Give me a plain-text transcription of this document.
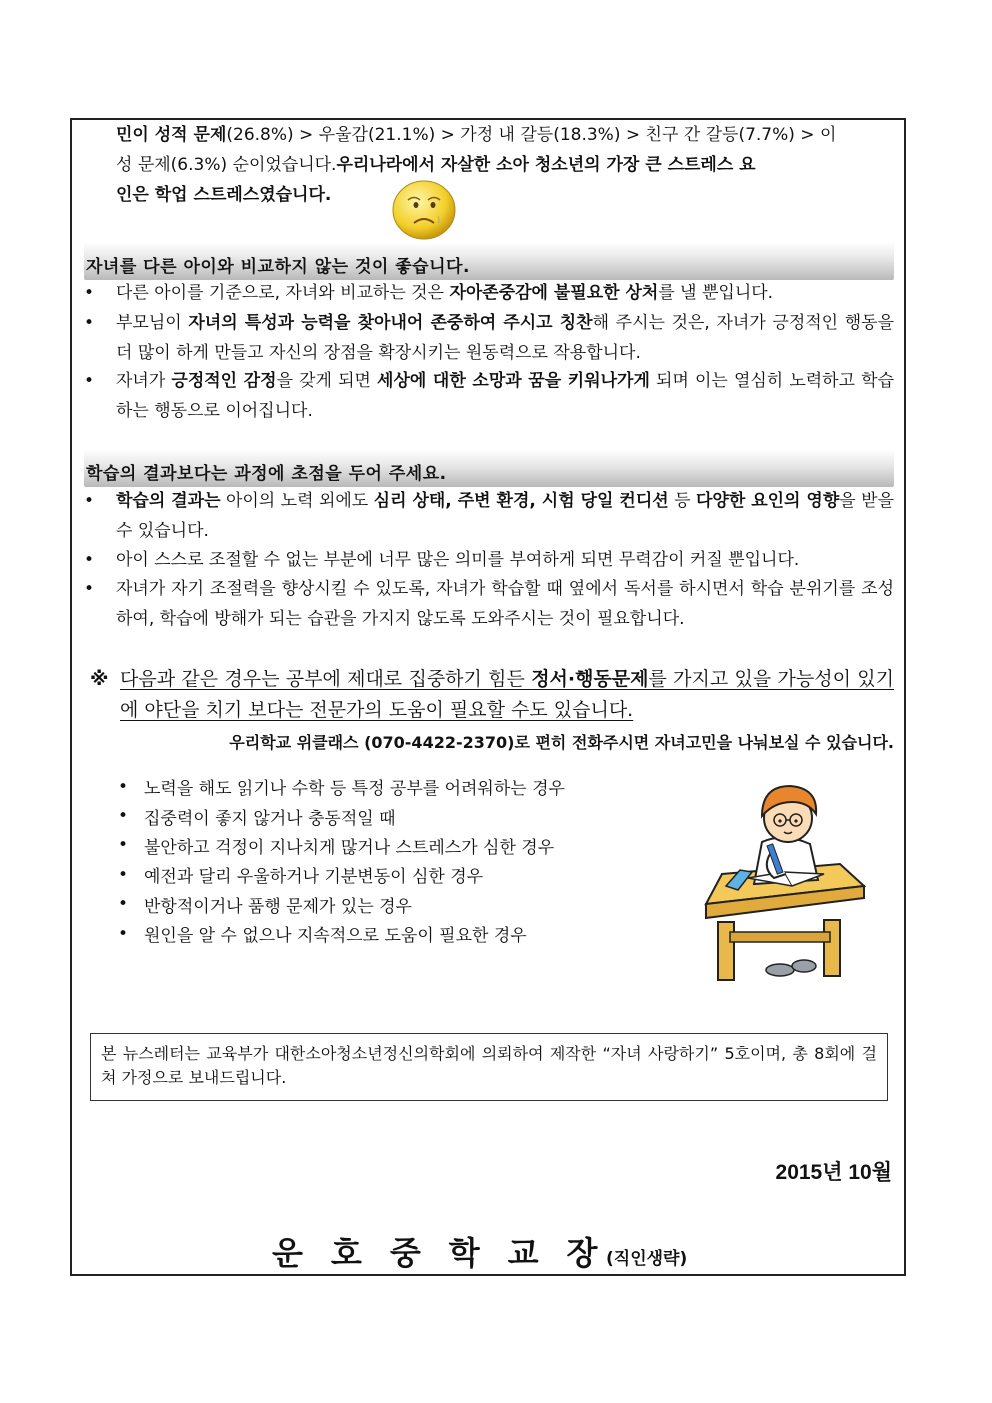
민이 성적 문제(26.8%) > 우울감(21.1%) > 가정 내 갈등(18.3%) > 친구 간 갈등(7.7%) > 이
성 문제(6.3%) 순이었습니다.우리나라에서 자살한 소아 청소년의 가장 큰 스트레스 요
인은 학업 스트레스였습니다.
자녀를 다른 아이와 비교하지 않는 것이 좋습니다.
•	다른 아이를 기준으로, 자녀와 비교하는 것은 자아존중감에 불필요한 상처를 낼 뿐입니다.
•	부모님이 자녀의 특성과 능력을 찾아내어 존중하여 주시고 칭찬해 주시는 것은, 자녀가 긍정적인 행동을 더 많이 하게 만들고 자신의 장점을 확장시키는 원동력으로 작용합니다.
•	자녀가 긍정적인 감정을 갖게 되면 세상에 대한 소망과 꿈을 키워나가게 되며 이는 열심히 노력하고 학습하는 행동으로 이어집니다.
학습의 결과보다는 과정에 초점을 두어 주세요.
•	학습의 결과는 아이의 노력 외에도 심리 상태, 주변 환경, 시험 당일 컨디션 등 다양한 요인의 영향을 받을 수 있습니다.
•	아이 스스로 조절할 수 없는 부분에 너무 많은 의미를 부여하게 되면 무력감이 커질 뿐입니다.
•	자녀가 자기 조절력을 향상시킬 수 있도록, 자녀가 학습할 때 옆에서 독서를 하시면서 학습 분위기를 조성하여, 학습에 방해가 되는 습관을 가지지 않도록 도와주시는 것이 필요합니다.
※ 다음과 같은 경우는 공부에 제대로 집중하기 힘든 정서·행동문제를 가지고 있을 가능성이 있기에 야단을 치기 보다는 전문가의 도움이 필요할 수도 있습니다.
우리학교 위클래스 (070-4422-2370)로 편히 전화주시면 자녀고민을 나눠보실 수 있습니다.
• 노력을 해도 읽기나 수학 등 특정 공부를 어려워하는 경우
• 집중력이 좋지 않거나 충동적일 때
• 불안하고 걱정이 지나치게 많거나 스트레스가 심한 경우
• 예전과 달리 우울하거나 기분변동이 심한 경우
• 반항적이거나 품행 문제가 있는 경우
• 원인을 알 수 없으나 지속적으로 도움이 필요한 경우
본 뉴스레터는 교육부가 대한소아청소년정신의학회에 의뢰하여 제작한 “자녀 사랑하기” 5호이며, 총 8회에 걸쳐 가정으로 보내드립니다.
2015년 10월
운호중학교장
(직인생략)
